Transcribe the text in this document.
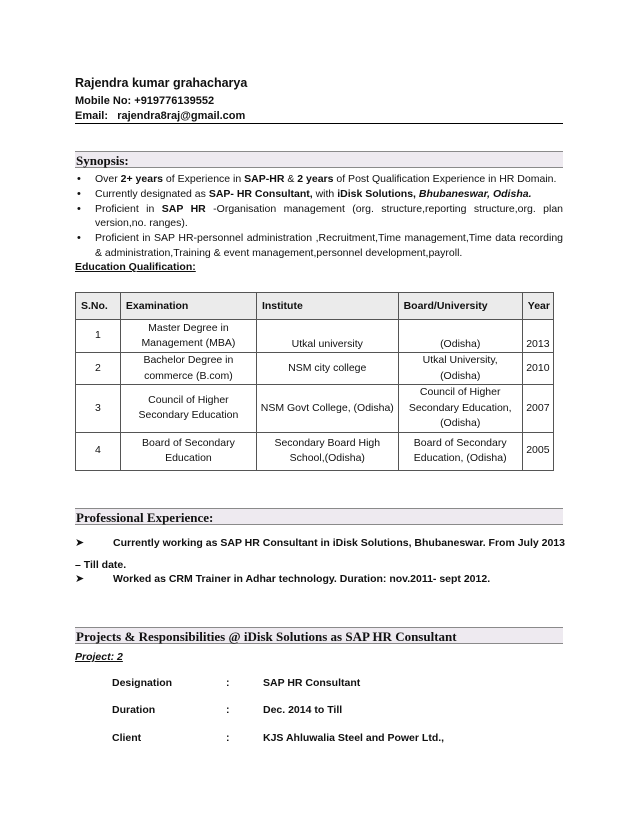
Rajendra kumar grahacharya
Mobile No: +919776139552
Email: rajendra8raj@gmail.com
Synopsis:
• Over 2+ years of Experience in SAP-HR & 2 years of Post Qualification Experience in HR Domain.
• Currently designated as SAP- HR Consultant, with iDisk Solutions, Bhubaneswar, Odisha.
• Proficient in SAP HR -Organisation management (org. structure,reporting structure,org. plan version,no. ranges).
• Proficient in SAP HR-personnel administration ,Recruitment,Time management,Time data recording & administration,Training & event management,personnel development,payroll.
Education Qualification:
S.No.	Examination	Institute	Board/University	Year
1	Master Degree in Management (MBA)	Utkal university	(Odisha)	2013
2	Bachelor Degree in commerce (B.com)	NSM city college	Utkal University, (Odisha)	2010
3	Council of Higher Secondary Education	NSM Govt College, (Odisha)	Council of Higher Secondary Education, (Odisha)	2007
4	Board of Secondary Education	Secondary Board High School,(Odisha)	Board of Secondary Education, (Odisha)	2005
Professional Experience:
➤	Currently working as SAP HR Consultant in iDisk Solutions, Bhubaneswar. From July 2013 – Till date.
➤	Worked as CRM Trainer in Adhar technology. Duration: nov.2011- sept 2012.
Projects & Responsibilities @ iDisk Solutions as SAP HR Consultant
Project: 2
Designation	:	SAP HR Consultant
Duration	:	Dec. 2014 to Till
Client	:	KJS Ahluwalia Steel and Power Ltd.,
